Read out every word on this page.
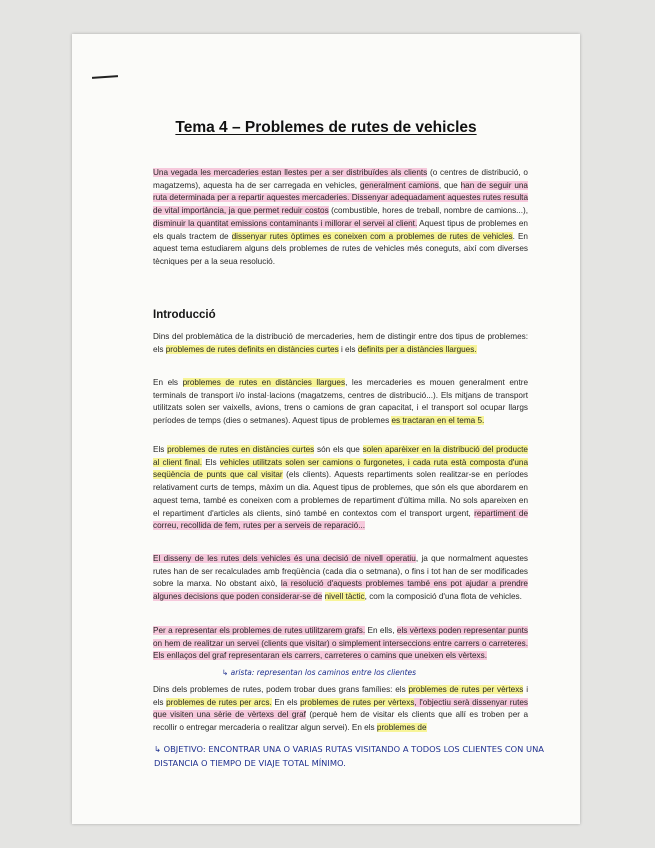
Tema 4 – Problemes de rutes de vehicles

Una vegada les mercaderies estan llestes per a ser distribuïdes als clients (o centres de distribució, o magatzems), aquesta ha de ser carregada en vehicles, generalment camions, que han de seguir una ruta determinada per a repartir aquestes mercaderies. Dissenyar adequadament aquestes rutes resulta de vital importància, ja que permet reduir costos (combustible, hores de treball, nombre de camions...), disminuir la quantitat emissions contaminants i millorar el servei al client. Aquest tipus de problemes en els quals tractem de dissenyar rutes òptimes es coneixen com a problemes de rutes de vehicles. En aquest tema estudiarem alguns dels problemes de rutes de vehicles més coneguts, així com diverses tècniques per a la seua resolució.

Introducció

Dins del problemàtica de la distribució de mercaderies, hem de distingir entre dos tipus de problemes: els problemes de rutes definits en distàncies curtes i els definits per a distàncies llargues.

En els problemes de rutes en distàncies llargues, les mercaderies es mouen generalment entre terminals de transport i/o instal·lacions (magatzems, centres de distribució...). Els mitjans de transport utilitzats solen ser vaixells, avions, trens o camions de gran capacitat, i el transport sol ocupar llargs períodes de temps (dies o setmanes). Aquest tipus de problemes es tractaran en el tema 5.

Els problemes de rutes en distàncies curtes són els que solen aparèixer en la distribució del producte al client final. Els vehicles utilitzats solen ser camions o furgonetes, i cada ruta està composta d'una seqüència de punts que cal visitar (els clients). Aquests repartiments solen realitzar-se en períodes relativament curts de temps, màxim un dia. Aquest tipus de problemes, que són els que abordarem en aquest tema, també es coneixen com a problemes de repartiment d'última milla. No sols apareixen en el repartiment d'articles als clients, sinó també en contextos com el transport urgent, repartiment de correu, recollida de fem, rutes per a serveis de reparació...

El disseny de les rutes dels vehicles és una decisió de nivell operatiu, ja que normalment aquestes rutes han de ser recalculades amb freqüència (cada dia o setmana), o fins i tot han de ser modificades sobre la marxa. No obstant això, la resolució d'aquests problemes també ens pot ajudar a prendre algunes decisions que poden considerar-se de nivell tàctic, com la composició d'una flota de vehicles.

Per a representar els problemes de rutes utilitzarem grafs. En ells, els vèrtexs poden representar punts on hem de realitzar un servei (clients que visitar) o simplement interseccions entre carrers o carreteres. Els enllaços del graf representaran els carrers, carreteres o camins que uneixen els vèrtexs.

Dins dels problemes de rutes, podem trobar dues grans famílies: els problemes de rutes per vèrtexs i els problemes de rutes per arcs. En els problemes de rutes per vèrtexs, l'objectiu serà dissenyar rutes que visiten una sèrie de vèrtexs del graf (perquè hem de visitar els clients que allí es troben per a recollir o entregar mercaderia o realitzar algun servei). En els problemes de

↳ arista: representan los caminos entre los clientes
↳ OBJETIVO: ENCONTRAR UNA O VARIAS RUTAS VISITANDO A TODOS LOS CLIENTES CON UNA DISTANCIA O TIEMPO DE VIAJE TOTAL MÍNIMO.
